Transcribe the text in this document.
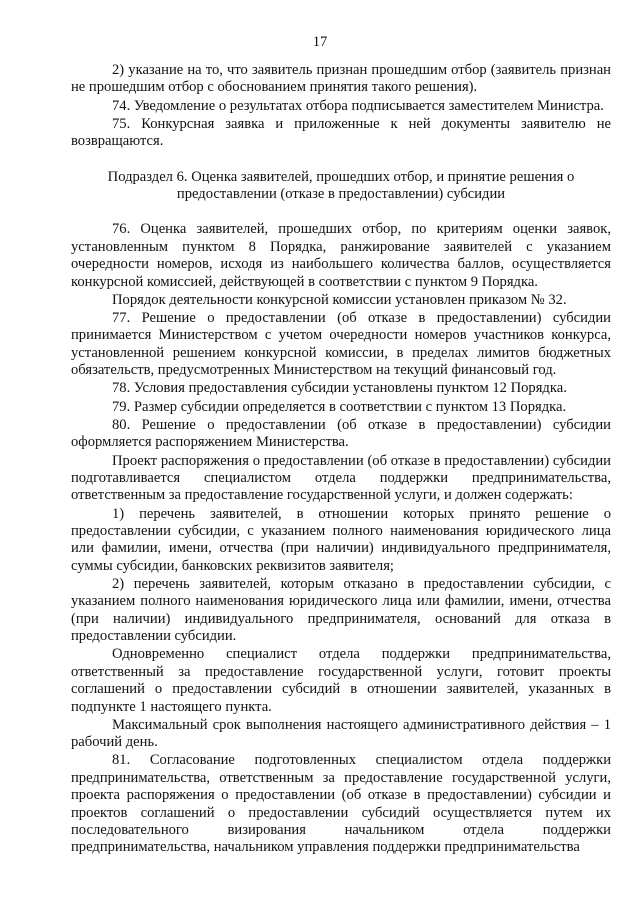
17

2) указание на то, что заявитель признан прошедшим отбор (заявитель признан не прошедшим отбор с обоснованием принятия такого решения).

74. Уведомление о результатах отбора подписывается заместителем Министра.

75. Конкурсная заявка и приложенные к ней документы заявителю не возвращаются.

Подраздел 6. Оценка заявителей, прошедших отбор, и принятие решения о
предоставлении (отказе в предоставлении) субсидии

76. Оценка заявителей, прошедших отбор, по критериям оценки заявок, установленным пунктом 8 Порядка, ранжирование заявителей с указанием очередности номеров, исходя из наибольшего количества баллов, осуществляется конкурсной комиссией, действующей в соответствии с пунктом 9 Порядка.

Порядок деятельности конкурсной комиссии установлен приказом № 32.

77. Решение о предоставлении (об отказе в предоставлении) субсидии принимается Министерством с учетом очередности номеров участников конкурса, установленной решением конкурсной комиссии, в пределах лимитов бюджетных обязательств, предусмотренных Министерством на текущий финансовый год.

78. Условия предоставления субсидии установлены пунктом 12 Порядка.

79. Размер субсидии определяется в соответствии с пунктом 13 Порядка.

80. Решение о предоставлении (об отказе в предоставлении) субсидии оформляется распоряжением Министерства.

Проект распоряжения о предоставлении (об отказе в предоставлении) субсидии подготавливается специалистом отдела поддержки предпринимательства, ответственным за предоставление государственной услуги, и должен содержать:

1) перечень заявителей, в отношении которых принято решение о предоставлении субсидии, с указанием полного наименования юридического лица или фамилии, имени, отчества (при наличии) индивидуального предпринимателя, суммы субсидии, банковских реквизитов заявителя;

2) перечень заявителей, которым отказано в предоставлении субсидии, с указанием полного наименования юридического лица или фамилии, имени, отчества (при наличии) индивидуального предпринимателя, оснований для отказа в предоставлении субсидии.

Одновременно специалист отдела поддержки предпринимательства, ответственный за предоставление государственной услуги, готовит проекты соглашений о предоставлении субсидий в отношении заявителей, указанных в подпункте 1 настоящего пункта.

Максимальный срок выполнения настоящего административного действия – 1 рабочий день.

81. Согласование подготовленных специалистом отдела поддержки предпринимательства, ответственным за предоставление государственной услуги, проекта распоряжения о предоставлении (об отказе в предоставлении) субсидии и проектов соглашений о предоставлении субсидий осуществляется путем их последовательного визирования начальником отдела поддержки предпринимательства, начальником управления поддержки предпринимательства
